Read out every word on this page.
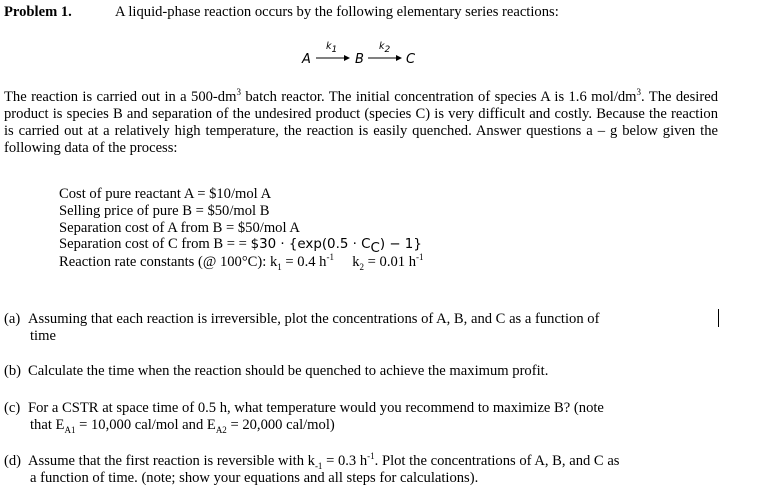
Problem 1.	A liquid-phase reaction occurs by the following elementary series reactions:
A
$k_1$
B
$k_2$
C

The reaction is carried out in a $500-dm^3$ batch reactor. The initial concentration of species A is 1.6 mol/$dm^3$. The desired product is species B and separation of the undesired product (species C) is very difficult and costly. Because the reaction is carried out at a relatively high temperature, the reaction is easily quenched. Answer questions a – g below given the following data of the process:

Cost of pure reactant A = $10/mol A
Selling price of pure B = $50/mol B
Separation cost of A from B = $50/mol A
Separation cost of C from B = = $30 · $\{\exp(0.5 \cdot C_C) - 1\}$
Reaction rate constants (@ 100°C): $k_1 = 0.4$ $h^{-1}$ $k_2 = 0.01$ $h^{-1}$
(a) Assuming that each reaction is irreversible, plot the concentrations of A, B, and C as a function of
time
(b) Calculate the time when the reaction should be quenched to achieve the maximum profit.
(c) For a CSTR at space time of 0.5 h, what temperature would you recommend to maximize B? (note
that $E_{A1} = 10,000$ cal/mol and $E_{A2} = 20,000$ cal/mol)
(d) Assume that the first reaction is reversible with $k_{-1} = 0.3$ $h^{-1}$. Plot the concentrations of A, B, and C as
a function of time. (note; show your equations and all steps for calculations).
